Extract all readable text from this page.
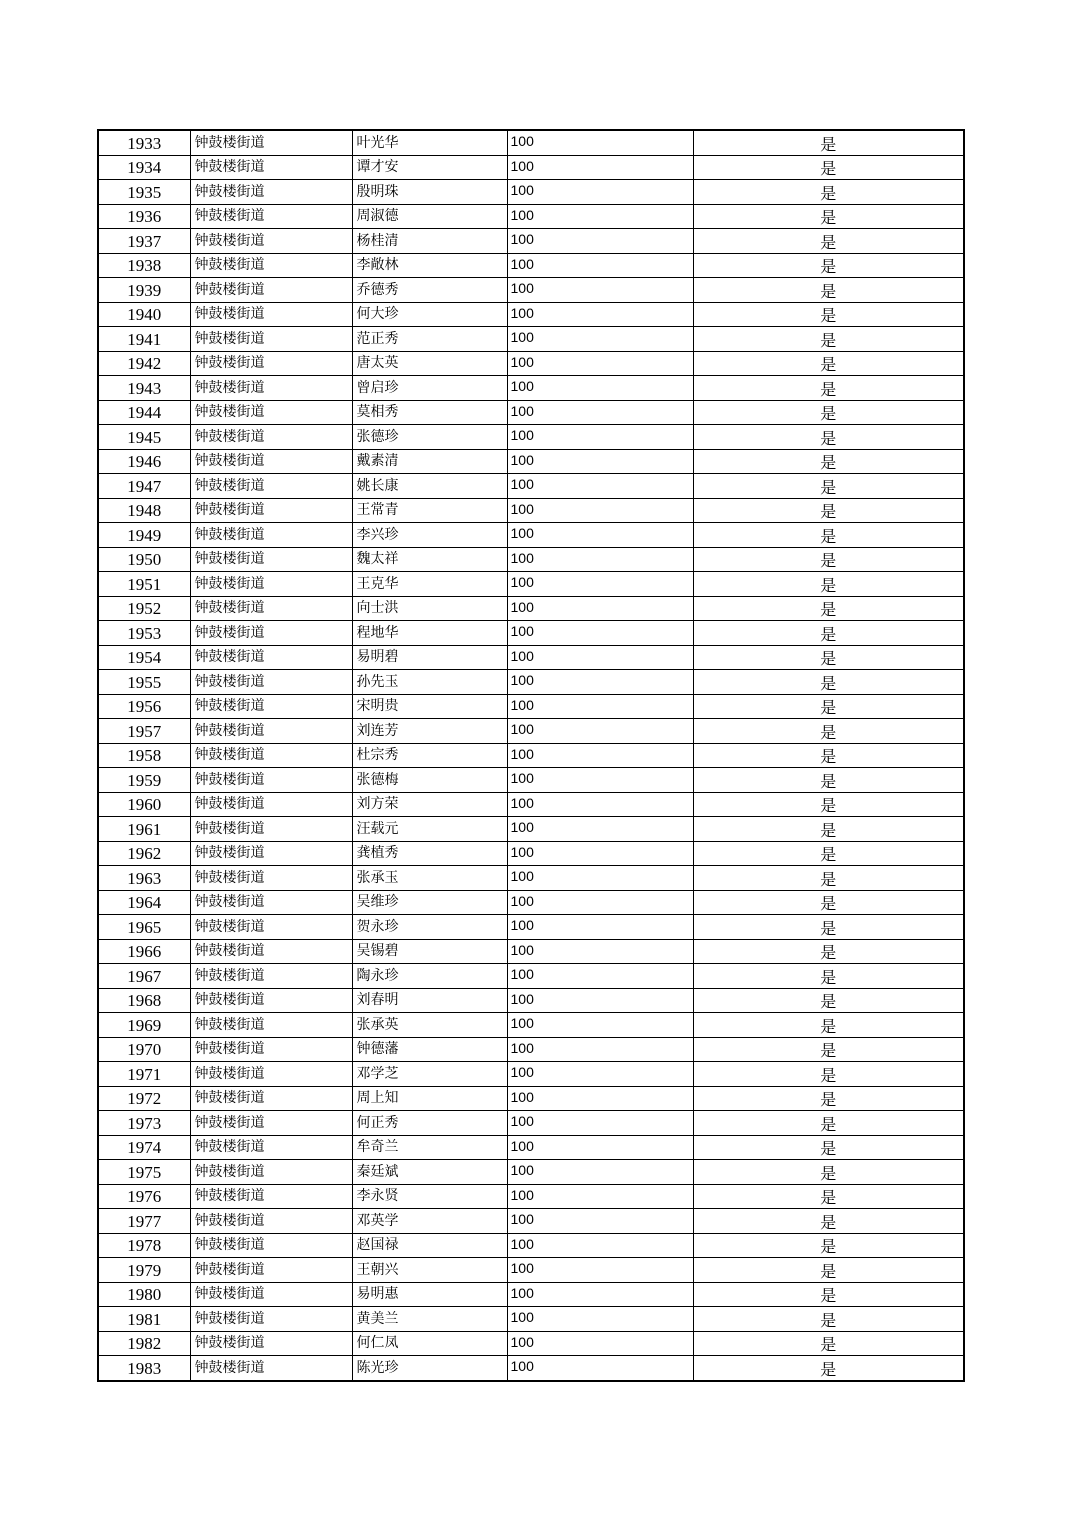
1933	钟鼓楼街道	叶光华	100	是
1934	钟鼓楼街道	谭才安	100	是
1935	钟鼓楼街道	殷明珠	100	是
1936	钟鼓楼街道	周淑德	100	是
1937	钟鼓楼街道	杨桂清	100	是
1938	钟鼓楼街道	李敞林	100	是
1939	钟鼓楼街道	乔德秀	100	是
1940	钟鼓楼街道	何大珍	100	是
1941	钟鼓楼街道	范正秀	100	是
1942	钟鼓楼街道	唐太英	100	是
1943	钟鼓楼街道	曾启珍	100	是
1944	钟鼓楼街道	莫相秀	100	是
1945	钟鼓楼街道	张德珍	100	是
1946	钟鼓楼街道	戴素清	100	是
1947	钟鼓楼街道	姚长康	100	是
1948	钟鼓楼街道	王常青	100	是
1949	钟鼓楼街道	李兴珍	100	是
1950	钟鼓楼街道	魏太祥	100	是
1951	钟鼓楼街道	王克华	100	是
1952	钟鼓楼街道	向士洪	100	是
1953	钟鼓楼街道	程地华	100	是
1954	钟鼓楼街道	易明碧	100	是
1955	钟鼓楼街道	孙先玉	100	是
1956	钟鼓楼街道	宋明贵	100	是
1957	钟鼓楼街道	刘连芳	100	是
1958	钟鼓楼街道	杜宗秀	100	是
1959	钟鼓楼街道	张德梅	100	是
1960	钟鼓楼街道	刘方荣	100	是
1961	钟鼓楼街道	汪载元	100	是
1962	钟鼓楼街道	龚植秀	100	是
1963	钟鼓楼街道	张承玉	100	是
1964	钟鼓楼街道	吴维珍	100	是
1965	钟鼓楼街道	贺永珍	100	是
1966	钟鼓楼街道	吴锡碧	100	是
1967	钟鼓楼街道	陶永珍	100	是
1968	钟鼓楼街道	刘春明	100	是
1969	钟鼓楼街道	张承英	100	是
1970	钟鼓楼街道	钟德藩	100	是
1971	钟鼓楼街道	邓学芝	100	是
1972	钟鼓楼街道	周上知	100	是
1973	钟鼓楼街道	何正秀	100	是
1974	钟鼓楼街道	牟奇兰	100	是
1975	钟鼓楼街道	秦廷斌	100	是
1976	钟鼓楼街道	李永贤	100	是
1977	钟鼓楼街道	邓英学	100	是
1978	钟鼓楼街道	赵国禄	100	是
1979	钟鼓楼街道	王朝兴	100	是
1980	钟鼓楼街道	易明惠	100	是
1981	钟鼓楼街道	黄美兰	100	是
1982	钟鼓楼街道	何仁凤	100	是
1983	钟鼓楼街道	陈光珍	100	是
